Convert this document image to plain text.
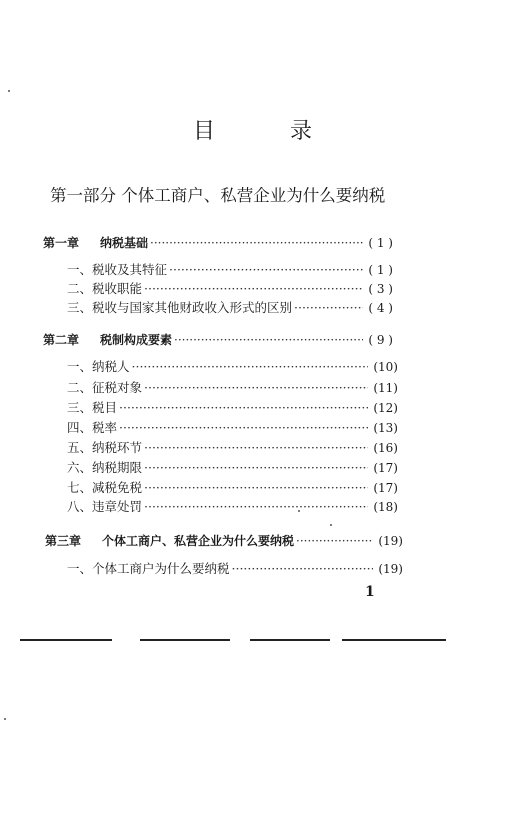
目 录
第一部分 个体工商户、私营企业为什么要纳税
第一章	纳税基础 ·····	( 1 )
一、税收及其特征 ·····	( 1 )
二、税收职能 ·····	( 3 )
三、税收与国家其他财政收入形式的区别 ·····	( 4 )
第二章	税制构成要素 ·····	( 9 )
一、纳税人 ·····	(10)
二、征税对象 ·····	(11)
三、税目 ·····	(12)
四、税率 ·····	(13)
五、纳税环节 ·····	(16)
六、纳税期限 ·····	(17)
七、减税免税 ·····	(17)
八、违章处罚 ·····	(18)
第三章	个体工商户、私营企业为什么要纳税 ·····	(19)
一、个体工商户为什么要纳税 ·····	(19)
1
